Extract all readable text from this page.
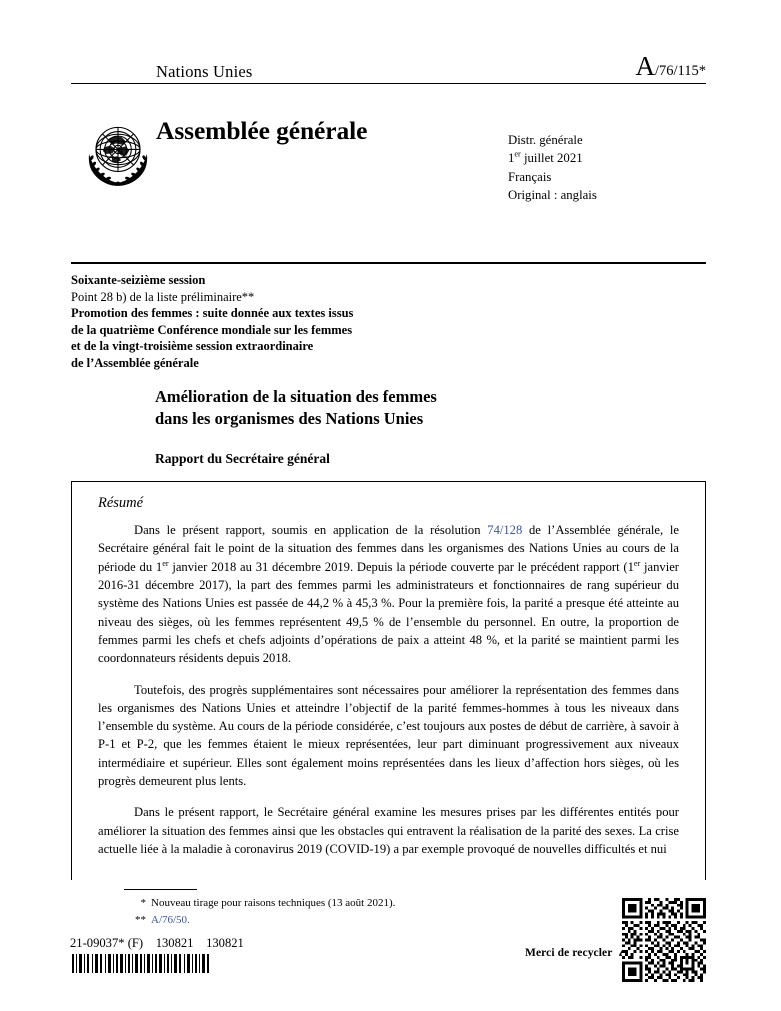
Nations Unies	A/76/115*
Assemblée générale	Distr. générale
1er juillet 2021
Français
Original : anglais
Soixante-seizième session
Point 28 b) de la liste préliminaire**
Promotion des femmes : suite donnée aux textes issus
de la quatrième Conférence mondiale sur les femmes
et de la vingt-troisième session extraordinaire
de l’Assemblée générale
Amélioration de la situation des femmes
dans les organismes des Nations Unies
Rapport du Secrétaire général
Résumé

Dans le présent rapport, soumis en application de la résolution 74/128 de l’Assemblée générale, le Secrétaire général fait le point de la situation des femmes dans les organismes des Nations Unies au cours de la période du 1er janvier 2018 au 31 décembre 2019. Depuis la période couverte par le précédent rapport (1er janvier 2016-31 décembre 2017), la part des femmes parmi les administrateurs et fonctionnaires de rang supérieur du système des Nations Unies est passée de 44,2 % à 45,3 %. Pour la première fois, la parité a presque été atteinte au niveau des sièges, où les femmes représentent 49,5 % de l’ensemble du personnel. En outre, la proportion de femmes parmi les chefs et chefs adjoints d’opérations de paix a atteint 48 %, et la parité se maintient parmi les coordonnateurs résidents depuis 2018.

Toutefois, des progrès supplémentaires sont nécessaires pour améliorer la représentation des femmes dans les organismes des Nations Unies et atteindre l’objectif de la parité femmes-hommes à tous les niveaux dans l’ensemble du système. Au cours de la période considérée, c’est toujours aux postes de début de carrière, à savoir à P-1 et P-2, que les femmes étaient le mieux représentées, leur part diminuant progressivement aux niveaux intermédiaire et supérieur. Elles sont également moins représentées dans les lieux d’affection hors sièges, où les progrès demeurent plus lents.

Dans le présent rapport, le Secrétaire général examine les mesures prises par les différentes entités pour améliorer la situation des femmes ainsi que les obstacles qui entravent la réalisation de la parité des sexes. La crise actuelle liée à la maladie à coronavirus 2019 (COVID-19) a par exemple provoqué de nouvelles difficultés et nui

* Nouveau tirage pour raisons techniques (13 août 2021).
** A/76/50.
21-09037* (F)    130821    130821
Merci de recycler
